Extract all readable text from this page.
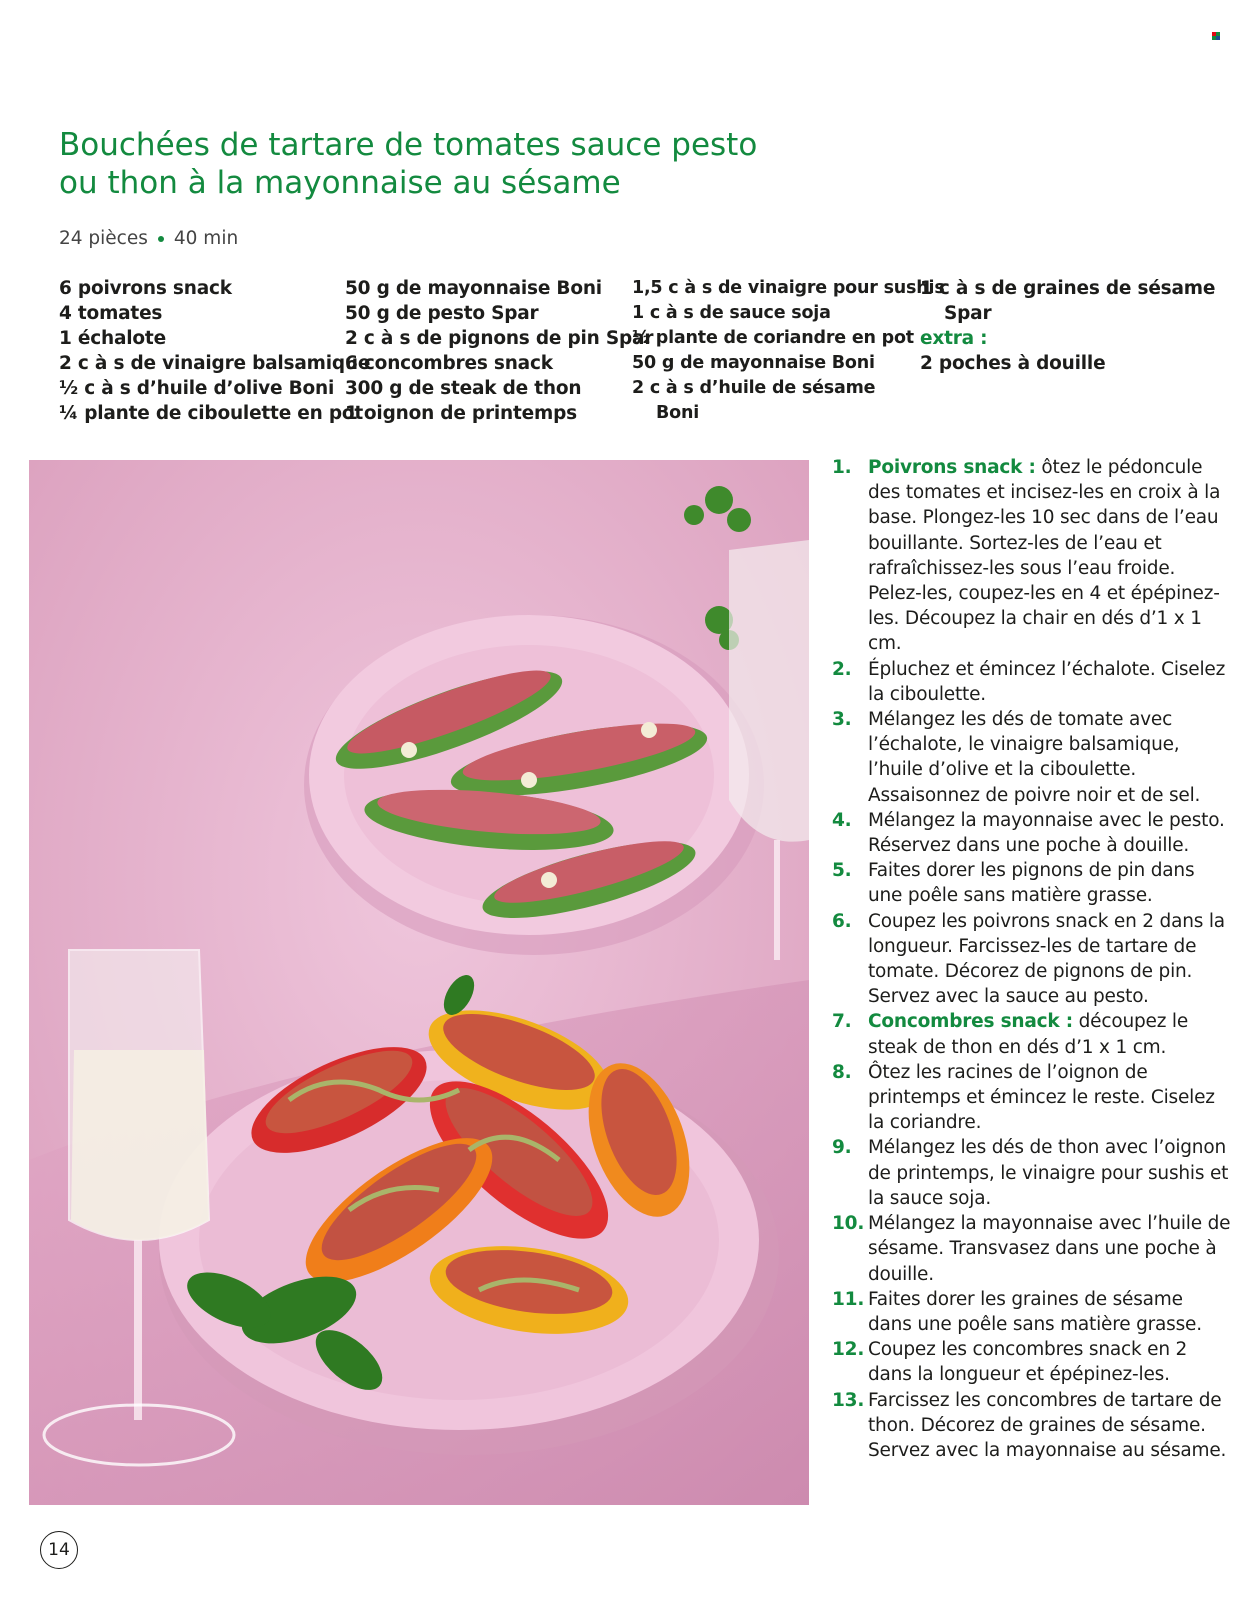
Bouchées de tartare de tomates sauce pesto
ou thon à la mayonnaise au sésame
24 pièces 40 min
6 poivrons snack
4 tomates
1 échalote
2 c à s de vinaigre balsamique
½ c à s d’huile d’olive Boni
¼ plante de ciboulette en pot
50 g de mayonnaise Boni
50 g de pesto Spar
2 c à s de pignons de pin Spar
6 concombres snack
300 g de steak de thon
1 oignon de printemps
1,5 c à s de vinaigre pour sushis
1 c à s de sauce soja
½ plante de coriandre en pot
50 g de mayonnaise Boni
2 c à s d’huile de sésame
Boni
1 c à s de graines de sésame
Spar
extra :
2 poches à douille
1. Poivrons snack : ôtez le pédoncule des tomates et incisez-les en croix à la base. Plongez-les 10 sec dans de l’eau bouillante. Sortez-les de l’eau et rafraîchissez-les sous l’eau froide. Pelez-les, coupez-les en 4 et épépinez-les. Découpez la chair en dés d’1 x 1 cm.
2. Épluchez et émincez l’échalote. Ciselez la ciboulette.
3. Mélangez les dés de tomate avec l’échalote, le vinaigre balsamique, l’huile d’olive et la ciboulette. Assaisonnez de poivre noir et de sel.
4. Mélangez la mayonnaise avec le pesto. Réservez dans une poche à douille.
5. Faites dorer les pignons de pin dans une poêle sans matière grasse.
6. Coupez les poivrons snack en 2 dans la longueur. Farcissez-les de tartare de tomate. Décorez de pignons de pin. Servez avec la sauce au pesto.
7. Concombres snack : découpez le steak de thon en dés d’1 x 1 cm.
8. Ôtez les racines de l’oignon de printemps et émincez le reste. Ciselez la coriandre.
9. Mélangez les dés de thon avec l’oignon de printemps, le vinaigre pour sushis et la sauce soja.
10. Mélangez la mayonnaise avec l’huile de sésame. Transvasez dans une poche à douille.
11. Faites dorer les graines de sésame dans une poêle sans matière grasse.
12. Coupez les concombres snack en 2 dans la longueur et épépinez-les.
13. Farcissez les concombres de tartare de thon. Décorez de graines de sésame. Servez avec la mayonnaise au sésame.
14
